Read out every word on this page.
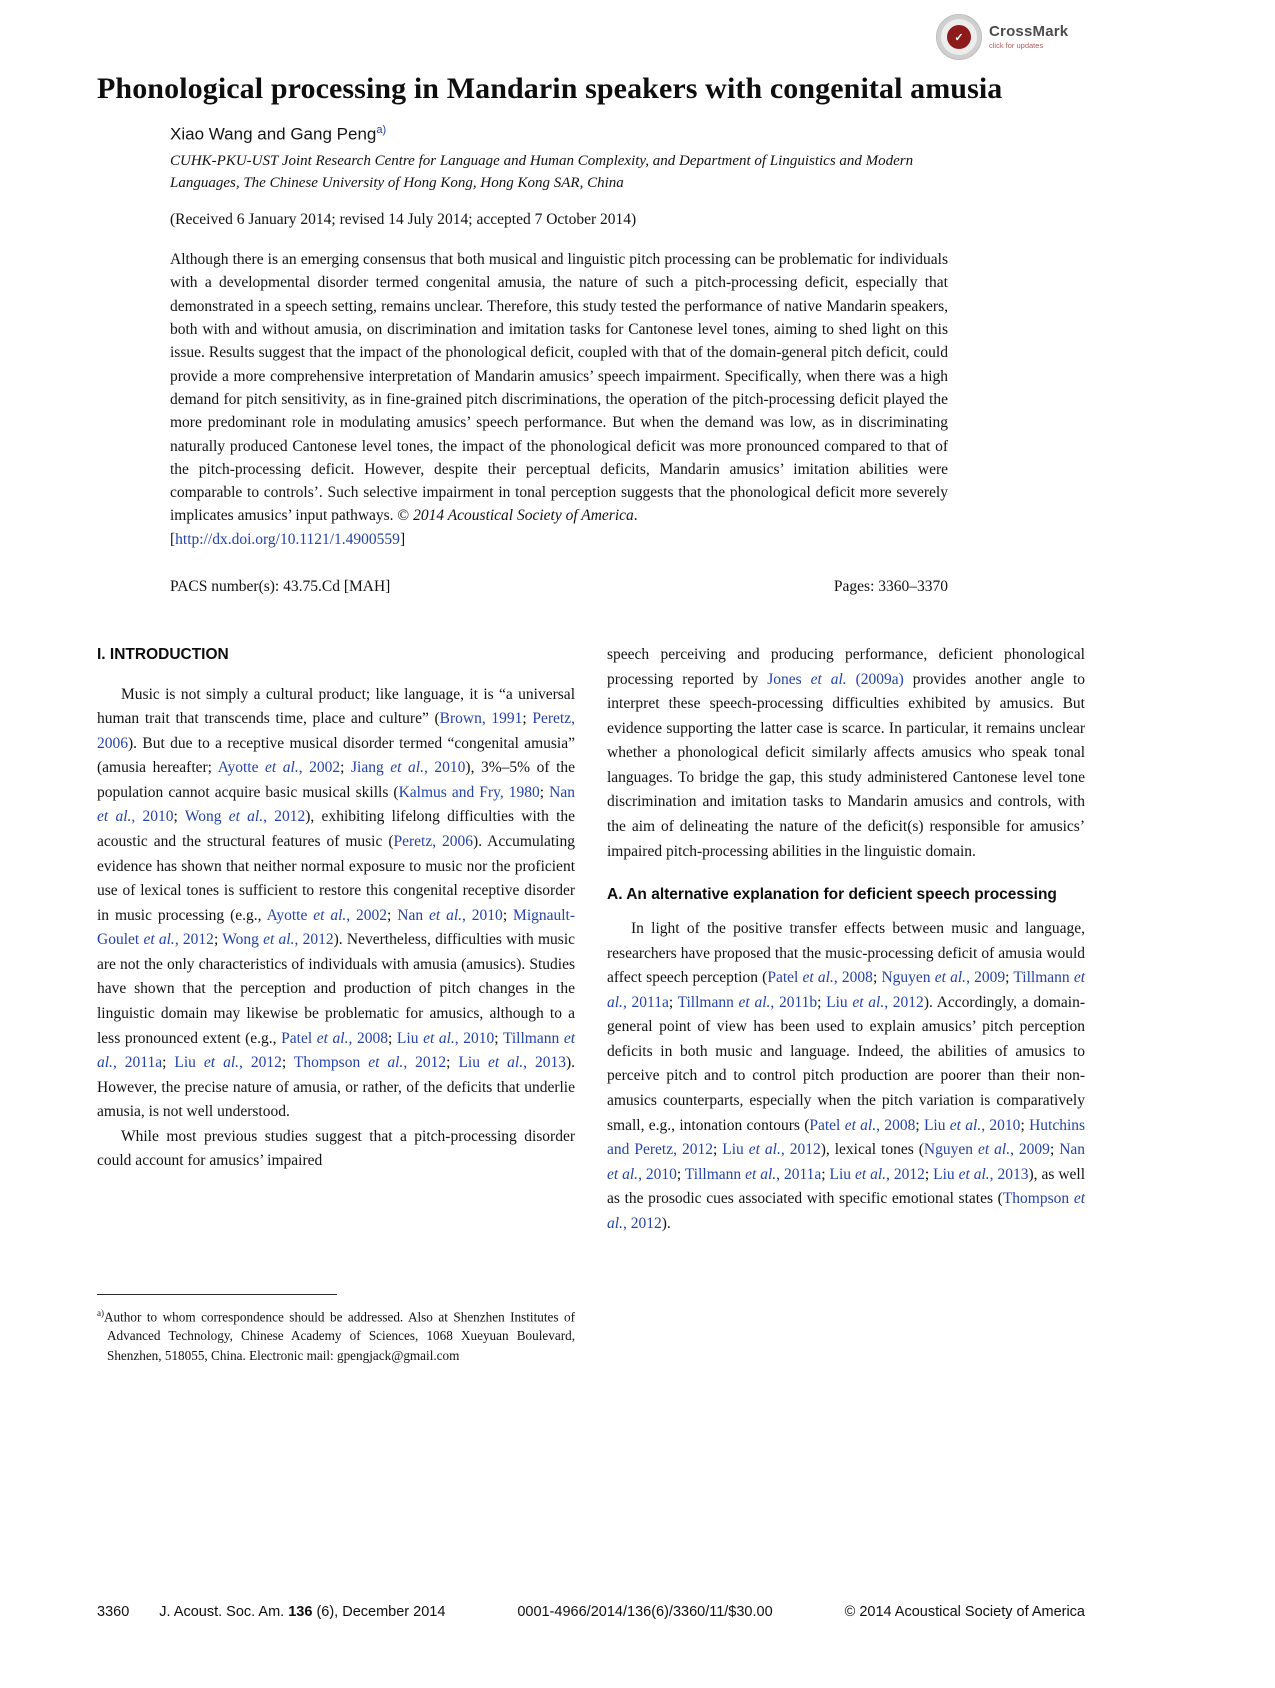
✓ CrossMark
click for updates
Phonological processing in Mandarin speakers with congenital amusia
Xiao Wang and Gang Peng$^{a)}$
CUHK-PKU-UST Joint Research Centre for Language and Human Complexity, and Department of Linguistics and Modern Languages, The Chinese University of Hong Kong, Hong Kong SAR, China
(Received 6 January 2014; revised 14 July 2014; accepted 7 October 2014)
Although there is an emerging consensus that both musical and linguistic pitch processing can be problematic for individuals with a developmental disorder termed congenital amusia, the nature of such a pitch-processing deficit, especially that demonstrated in a speech setting, remains unclear. Therefore, this study tested the performance of native Mandarin speakers, both with and without amusia, on discrimination and imitation tasks for Cantonese level tones, aiming to shed light on this issue. Results suggest that the impact of the phonological deficit, coupled with that of the domain-general pitch deficit, could provide a more comprehensive interpretation of Mandarin amusics’ speech impairment. Specifically, when there was a high demand for pitch sensitivity, as in fine-grained pitch discriminations, the operation of the pitch-processing deficit played the more predominant role in modulating amusics’ speech performance. But when the demand was low, as in discriminating naturally produced Cantonese level tones, the impact of the phonological deficit was more pronounced compared to that of the pitch-processing deficit. However, despite their perceptual deficits, Mandarin amusics’ imitation abilities were comparable to controls’. Such selective impairment in tonal perception suggests that the phonological deficit more severely implicates amusics’ input pathways. © 2014 Acoustical Society of America.
[http://dx.doi.org/10.1121/1.4900559]
PACS number(s): 43.75.Cd [MAH]	Pages: 3360–3370
I. INTRODUCTION

Music is not simply a cultural product; like language, it is “a universal human trait that transcends time, place and culture” (Brown, 1991; Peretz, 2006). But due to a receptive musical disorder termed “congenital amusia” (amusia hereafter; Ayotte et al., 2002; Jiang et al., 2010), 3%–5% of the population cannot acquire basic musical skills (Kalmus and Fry, 1980; Nan et al., 2010; Wong et al., 2012), exhibiting lifelong difficulties with the acoustic and the structural features of music (Peretz, 2006). Accumulating evidence has shown that neither normal exposure to music nor the proficient use of lexical tones is sufficient to restore this congenital receptive disorder in music processing (e.g., Ayotte et al., 2002; Nan et al., 2010; Mignault-Goulet et al., 2012; Wong et al., 2012). Nevertheless, difficulties with music are not the only characteristics of individuals with amusia (amusics). Studies have shown that the perception and production of pitch changes in the linguistic domain may likewise be problematic for amusics, although to a less pronounced extent (e.g., Patel et al., 2008; Liu et al., 2010; Tillmann et al., 2011a; Liu et al., 2012; Thompson et al., 2012; Liu et al., 2013). However, the precise nature of amusia, or rather, of the deficits that underlie amusia, is not well understood.

While most previous studies suggest that a pitch-processing disorder could account for amusics’ impaired

$^{a)}$Author to whom correspondence should be addressed. Also at Shenzhen Institutes of Advanced Technology, Chinese Academy of Sciences, 1068 Xueyuan Boulevard, Shenzhen, 518055, China. Electronic mail: gpengjack@gmail.com

speech perceiving and producing performance, deficient phonological processing reported by Jones et al. (2009a) provides another angle to interpret these speech-processing difficulties exhibited by amusics. But evidence supporting the latter case is scarce. In particular, it remains unclear whether a phonological deficit similarly affects amusics who speak tonal languages. To bridge the gap, this study administered Cantonese level tone discrimination and imitation tasks to Mandarin amusics and controls, with the aim of delineating the nature of the deficit(s) responsible for amusics’ impaired pitch-processing abilities in the linguistic domain.

A. An alternative explanation for deficient speech processing

In light of the positive transfer effects between music and language, researchers have proposed that the music-processing deficit of amusia would affect speech perception (Patel et al., 2008; Nguyen et al., 2009; Tillmann et al., 2011a; Tillmann et al., 2011b; Liu et al., 2012). Accordingly, a domain-general point of view has been used to explain amusics’ pitch perception deficits in both music and language. Indeed, the abilities of amusics to perceive pitch and to control pitch production are poorer than their non-amusics counterparts, especially when the pitch variation is comparatively small, e.g., intonation contours (Patel et al., 2008; Liu et al., 2010; Hutchins and Peretz, 2012; Liu et al., 2012), lexical tones (Nguyen et al., 2009; Nan et al., 2010; Tillmann et al., 2011a; Liu et al., 2012; Liu et al., 2013), as well as the prosodic cues associated with specific emotional states (Thompson et al., 2012).

3360 J. Acoust. Soc. Am. 136 (6), December 2014	0001-4966/2014/136(6)/3360/11/$30.00	© 2014 Acoustical Society of America
